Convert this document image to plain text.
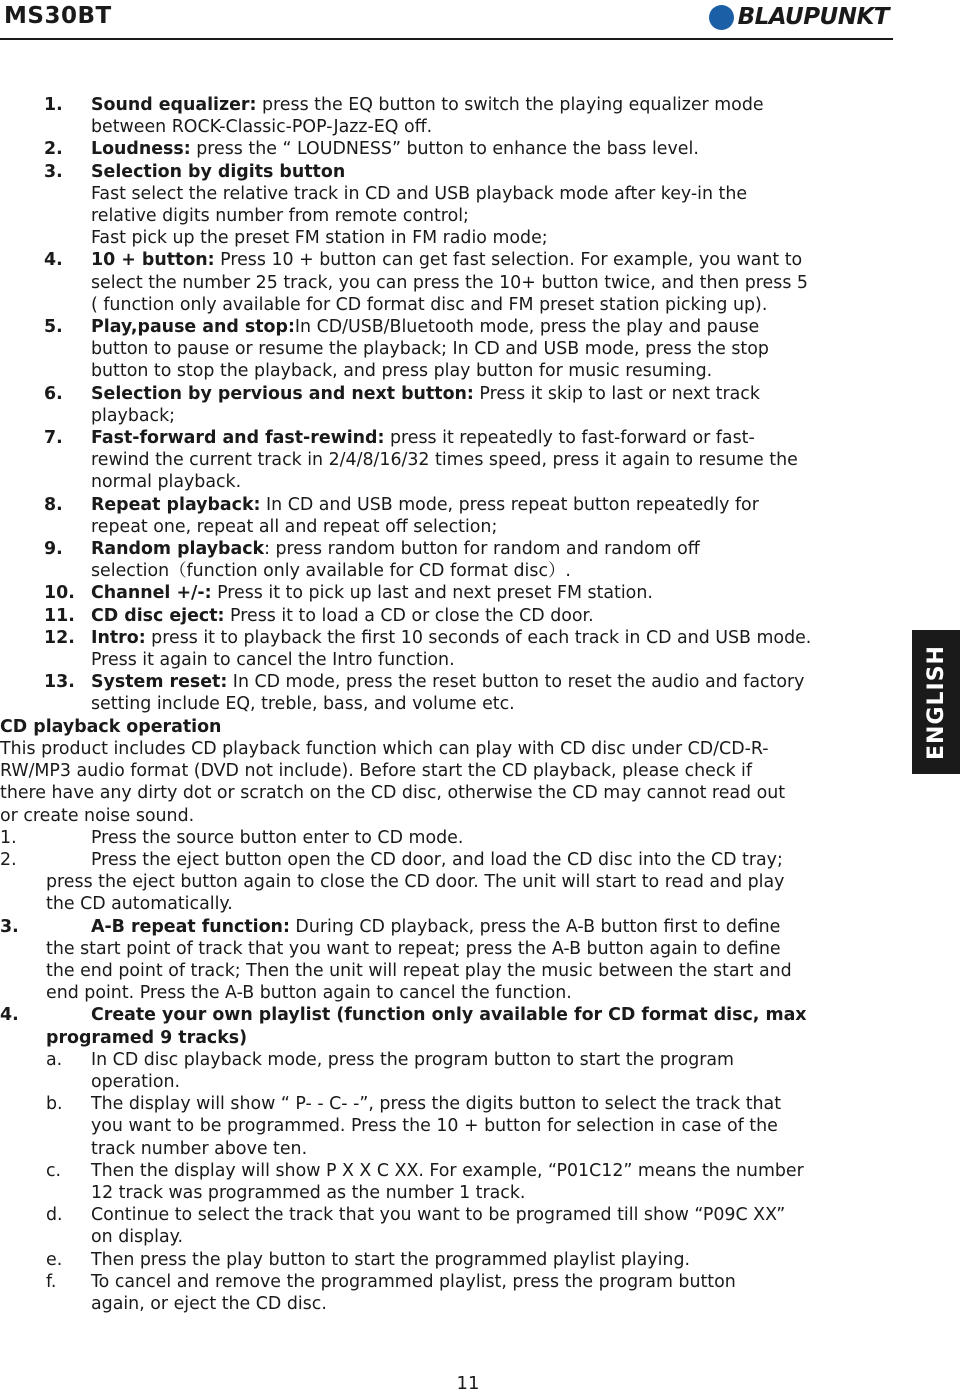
MS30BT	BLAUPUNKT
1. Sound equalizer: press the EQ button to switch the playing equalizer mode
between ROCK-Classic-POP-Jazz-EQ off.
2. Loudness: press the “ LOUDNESS” button to enhance the bass level.
3. Selection by digits button
Fast select the relative track in CD and USB playback mode after key-in the
relative digits number from remote control;
Fast pick up the preset FM station in FM radio mode;
4. 10 + button: Press 10 + button can get fast selection. For example, you want to
select the number 25 track, you can press the 10+ button twice, and then press 5
( function only available for CD format disc and FM preset station picking up).
5. Play,pause and stop:In CD/USB/Bluetooth mode, press the play and pause
button to pause or resume the playback; In CD and USB mode, press the stop
button to stop the playback, and press play button for music resuming.
6. Selection by pervious and next button: Press it skip to last or next track
playback;
7. Fast-forward and fast-rewind: press it repeatedly to fast-forward or fast-
rewind the current track in 2/4/8/16/32 times speed, press it again to resume the
normal playback.
8. Repeat playback: In CD and USB mode, press repeat button repeatedly for
repeat one, repeat all and repeat off selection;
9. Random playback: press random button for random and random off
selection（function only available for CD format disc）.
10. Channel +/-: Press it to pick up last and next preset FM station.
11. CD disc eject: Press it to load a CD or close the CD door.
12. Intro: press it to playback the first 10 seconds of each track in CD and USB mode.
Press it again to cancel the Intro function.
13. System reset: In CD mode, press the reset button to reset the audio and factory
setting include EQ, treble, bass, and volume etc.
CD playback operation
This product includes CD playback function which can play with CD disc under CD/CD-R-
RW/MP3 audio format (DVD not include). Before start the CD playback, please check if
there have any dirty dot or scratch on the CD disc, otherwise the CD may cannot read out
or create noise sound.
1.	Press the source button enter to CD mode.
2.	Press the eject button open the CD door, and load the CD disc into the CD tray;
press the eject button again to close the CD door. The unit will start to read and play
the CD automatically.
3.	A-B repeat function: During CD playback, press the A-B button first to define
the start point of track that you want to repeat; press the A-B button again to define
the end point of track; Then the unit will repeat play the music between the start and
end point. Press the A-B button again to cancel the function.
4.	Create your own playlist (function only available for CD format disc, max
programed 9 tracks)
a. In CD disc playback mode, press the program button to start the program
operation.
b. The display will show “ P- - C- -”, press the digits button to select the track that
you want to be programmed. Press the 10 + button for selection in case of the
track number above ten.
c. Then the display will show P X X C XX. For example, “P01C12” means the number
12 track was programmed as the number 1 track.
d. Continue to select the track that you want to be programed till show “P09C XX”
on display.
e. Then press the play button to start the programmed playlist playing.
f. To cancel and remove the programmed playlist, press the program button
again, or eject the CD disc.
ENGLISH
11
